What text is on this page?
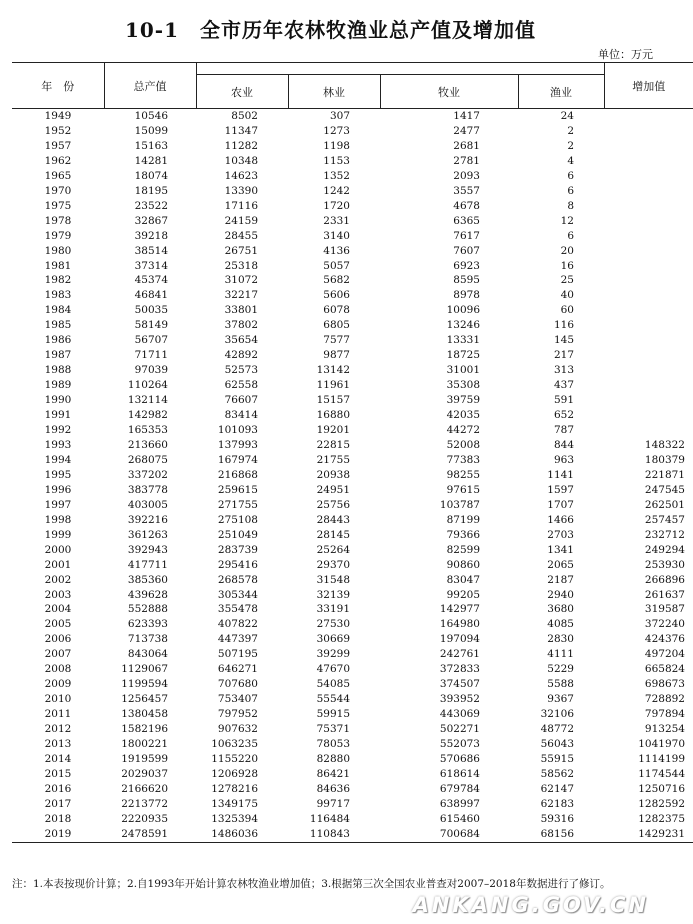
10-1　全市历年农林牧渔业总产值及增加值
单位：万元
年　份	总产值					增加值
		农业	林业	牧业	渔业	
1949	10546	8502	307	1417	24	
1952	15099	11347	1273	2477	2	
1957	15163	11282	1198	2681	2	
1962	14281	10348	1153	2781	4	
1965	18074	14623	1352	2093	6	
1970	18195	13390	1242	3557	6	
1975	23522	17116	1720	4678	8	
1978	32867	24159	2331	6365	12	
1979	39218	28455	3140	7617	6	
1980	38514	26751	4136	7607	20	
1981	37314	25318	5057	6923	16	
1982	45374	31072	5682	8595	25	
1983	46841	32217	5606	8978	40	
1984	50035	33801	6078	10096	60	
1985	58149	37802	6805	13246	116	
1986	56707	35654	7577	13331	145	
1987	71711	42892	9877	18725	217	
1988	97039	52573	13142	31001	313	
1989	110264	62558	11961	35308	437	
1990	132114	76607	15157	39759	591	
1991	142982	83414	16880	42035	652	
1992	165353	101093	19201	44272	787	
1993	213660	137993	22815	52008	844	148322
1994	268075	167974	21755	77383	963	180379
1995	337202	216868	20938	98255	1141	221871
1996	383778	259615	24951	97615	1597	247545
1997	403005	271755	25756	103787	1707	262501
1998	392216	275108	28443	87199	1466	257457
1999	361263	251049	28145	79366	2703	232712
2000	392943	283739	25264	82599	1341	249294
2001	417711	295416	29370	90860	2065	253930
2002	385360	268578	31548	83047	2187	266896
2003	439628	305344	32139	99205	2940	261637
2004	552888	355478	33191	142977	3680	319587
2005	623393	407822	27530	164980	4085	372240
2006	713738	447397	30669	197094	2830	424376
2007	843064	507195	39299	242761	4111	497204
2008	1129067	646271	47670	372833	5229	665824
2009	1199594	707680	54085	374507	5588	698673
2010	1256457	753407	55544	393952	9367	728892
2011	1380458	797952	59915	443069	32106	797894
2012	1582196	907632	75371	502271	48772	913254
2013	1800221	1063235	78053	552073	56043	1041970
2014	1919599	1155220	82880	570686	55915	1114199
2015	2029037	1206928	86421	618614	58562	1174544
2016	2166620	1278216	84636	679784	62147	1250716
2017	2213772	1349175	99717	638997	62183	1282592
2018	2220935	1325394	116484	615460	59316	1282375
2019	2478591	1486036	110843	700684	68156	1429231
注：1.本表按现价计算；2.自1993年开始计算农林牧渔业增加值；3.根据第三次全国农业普查对2007–2018年数据进行了修订。
ANKANG.GOV.CN
